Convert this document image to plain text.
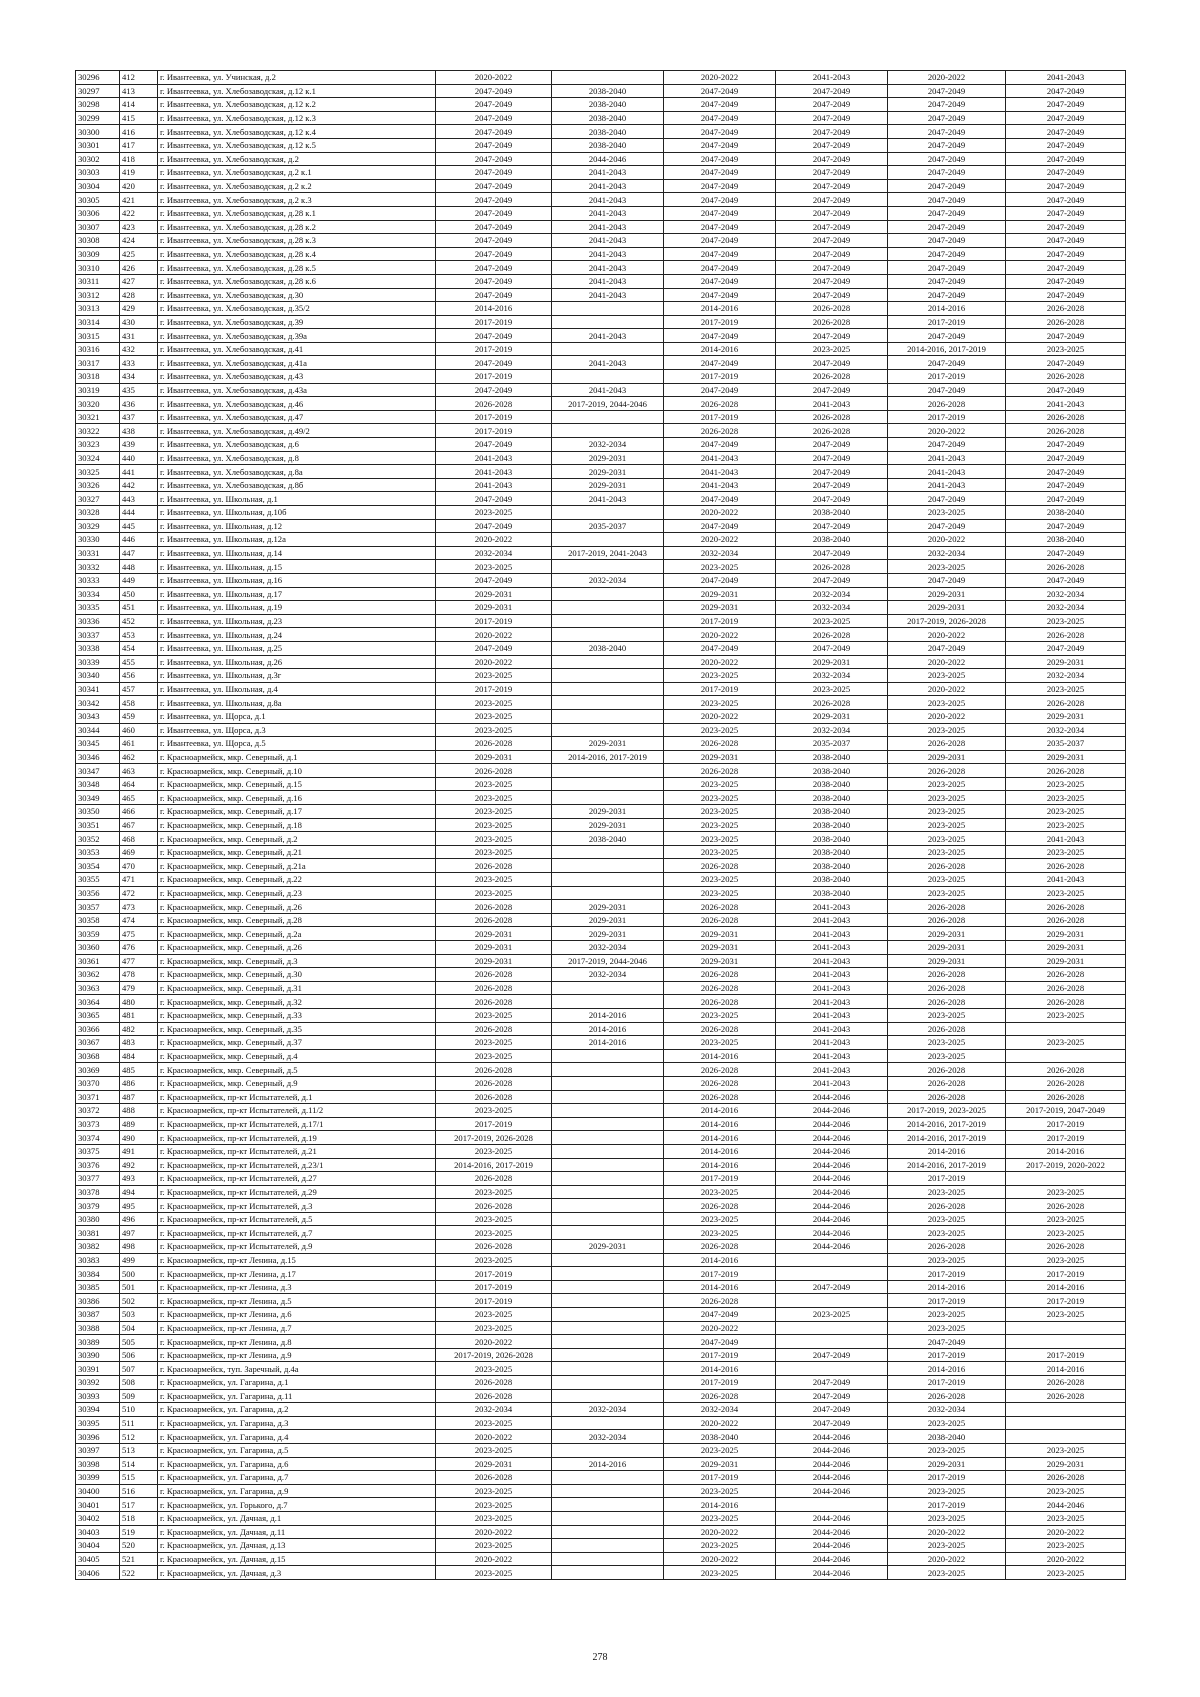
30296	412	г. Ивантеевка, ул. Учинская, д.2	2020-2022		2020-2022	2041-2043	2020-2022	2041-2043
30297	413	г. Ивантеевка, ул. Хлебозаводская, д.12 к.1	2047-2049	2038-2040	2047-2049	2047-2049	2047-2049	2047-2049
30298	414	г. Ивантеевка, ул. Хлебозаводская, д.12 к.2	2047-2049	2038-2040	2047-2049	2047-2049	2047-2049	2047-2049
30299	415	г. Ивантеевка, ул. Хлебозаводская, д.12 к.3	2047-2049	2038-2040	2047-2049	2047-2049	2047-2049	2047-2049
30300	416	г. Ивантеевка, ул. Хлебозаводская, д.12 к.4	2047-2049	2038-2040	2047-2049	2047-2049	2047-2049	2047-2049
30301	417	г. Ивантеевка, ул. Хлебозаводская, д.12 к.5	2047-2049	2038-2040	2047-2049	2047-2049	2047-2049	2047-2049
30302	418	г. Ивантеевка, ул. Хлебозаводская, д.2	2047-2049	2044-2046	2047-2049	2047-2049	2047-2049	2047-2049
30303	419	г. Ивантеевка, ул. Хлебозаводская, д.2 к.1	2047-2049	2041-2043	2047-2049	2047-2049	2047-2049	2047-2049
30304	420	г. Ивантеевка, ул. Хлебозаводская, д.2 к.2	2047-2049	2041-2043	2047-2049	2047-2049	2047-2049	2047-2049
30305	421	г. Ивантеевка, ул. Хлебозаводская, д.2 к.3	2047-2049	2041-2043	2047-2049	2047-2049	2047-2049	2047-2049
30306	422	г. Ивантеевка, ул. Хлебозаводская, д.28 к.1	2047-2049	2041-2043	2047-2049	2047-2049	2047-2049	2047-2049
30307	423	г. Ивантеевка, ул. Хлебозаводская, д.28 к.2	2047-2049	2041-2043	2047-2049	2047-2049	2047-2049	2047-2049
30308	424	г. Ивантеевка, ул. Хлебозаводская, д.28 к.3	2047-2049	2041-2043	2047-2049	2047-2049	2047-2049	2047-2049
30309	425	г. Ивантеевка, ул. Хлебозаводская, д.28 к.4	2047-2049	2041-2043	2047-2049	2047-2049	2047-2049	2047-2049
30310	426	г. Ивантеевка, ул. Хлебозаводская, д.28 к.5	2047-2049	2041-2043	2047-2049	2047-2049	2047-2049	2047-2049
30311	427	г. Ивантеевка, ул. Хлебозаводская, д.28 к.6	2047-2049	2041-2043	2047-2049	2047-2049	2047-2049	2047-2049
30312	428	г. Ивантеевка, ул. Хлебозаводская, д.30	2047-2049	2041-2043	2047-2049	2047-2049	2047-2049	2047-2049
30313	429	г. Ивантеевка, ул. Хлебозаводская, д.35/2	2014-2016		2014-2016	2026-2028	2014-2016	2026-2028
30314	430	г. Ивантеевка, ул. Хлебозаводская, д.39	2017-2019		2017-2019	2026-2028	2017-2019	2026-2028
30315	431	г. Ивантеевка, ул. Хлебозаводская, д.39а	2047-2049	2041-2043	2047-2049	2047-2049	2047-2049	2047-2049
30316	432	г. Ивантеевка, ул. Хлебозаводская, д.41	2017-2019		2014-2016	2023-2025	2014-2016, 2017-2019	2023-2025
30317	433	г. Ивантеевка, ул. Хлебозаводская, д.41а	2047-2049	2041-2043	2047-2049	2047-2049	2047-2049	2047-2049
30318	434	г. Ивантеевка, ул. Хлебозаводская, д.43	2017-2019		2017-2019	2026-2028	2017-2019	2026-2028
30319	435	г. Ивантеевка, ул. Хлебозаводская, д.43а	2047-2049	2041-2043	2047-2049	2047-2049	2047-2049	2047-2049
30320	436	г. Ивантеевка, ул. Хлебозаводская, д.46	2026-2028	2017-2019, 2044-2046	2026-2028	2041-2043	2026-2028	2041-2043
30321	437	г. Ивантеевка, ул. Хлебозаводская, д.47	2017-2019		2017-2019	2026-2028	2017-2019	2026-2028
30322	438	г. Ивантеевка, ул. Хлебозаводская, д.49/2	2017-2019		2026-2028	2026-2028	2020-2022	2026-2028
30323	439	г. Ивантеевка, ул. Хлебозаводская, д.6	2047-2049	2032-2034	2047-2049	2047-2049	2047-2049	2047-2049
30324	440	г. Ивантеевка, ул. Хлебозаводская, д.8	2041-2043	2029-2031	2041-2043	2047-2049	2041-2043	2047-2049
30325	441	г. Ивантеевка, ул. Хлебозаводская, д.8а	2041-2043	2029-2031	2041-2043	2047-2049	2041-2043	2047-2049
30326	442	г. Ивантеевка, ул. Хлебозаводская, д.8б	2041-2043	2029-2031	2041-2043	2047-2049	2041-2043	2047-2049
30327	443	г. Ивантеевка, ул. Школьная, д.1	2047-2049	2041-2043	2047-2049	2047-2049	2047-2049	2047-2049
30328	444	г. Ивантеевка, ул. Школьная, д.10б	2023-2025		2020-2022	2038-2040	2023-2025	2038-2040
30329	445	г. Ивантеевка, ул. Школьная, д.12	2047-2049	2035-2037	2047-2049	2047-2049	2047-2049	2047-2049
30330	446	г. Ивантеевка, ул. Школьная, д.12а	2020-2022		2020-2022	2038-2040	2020-2022	2038-2040
30331	447	г. Ивантеевка, ул. Школьная, д.14	2032-2034	2017-2019, 2041-2043	2032-2034	2047-2049	2032-2034	2047-2049
30332	448	г. Ивантеевка, ул. Школьная, д.15	2023-2025		2023-2025	2026-2028	2023-2025	2026-2028
30333	449	г. Ивантеевка, ул. Школьная, д.16	2047-2049	2032-2034	2047-2049	2047-2049	2047-2049	2047-2049
30334	450	г. Ивантеевка, ул. Школьная, д.17	2029-2031		2029-2031	2032-2034	2029-2031	2032-2034
30335	451	г. Ивантеевка, ул. Школьная, д.19	2029-2031		2029-2031	2032-2034	2029-2031	2032-2034
30336	452	г. Ивантеевка, ул. Школьная, д.23	2017-2019		2017-2019	2023-2025	2017-2019, 2026-2028	2023-2025
30337	453	г. Ивантеевка, ул. Школьная, д.24	2020-2022		2020-2022	2026-2028	2020-2022	2026-2028
30338	454	г. Ивантеевка, ул. Школьная, д.25	2047-2049	2038-2040	2047-2049	2047-2049	2047-2049	2047-2049
30339	455	г. Ивантеевка, ул. Школьная, д.26	2020-2022		2020-2022	2029-2031	2020-2022	2029-2031
30340	456	г. Ивантеевка, ул. Школьная, д.3г	2023-2025		2023-2025	2032-2034	2023-2025	2032-2034
30341	457	г. Ивантеевка, ул. Школьная, д.4	2017-2019		2017-2019	2023-2025	2020-2022	2023-2025
30342	458	г. Ивантеевка, ул. Школьная, д.8а	2023-2025		2023-2025	2026-2028	2023-2025	2026-2028
30343	459	г. Ивантеевка, ул. Щорса, д.1	2023-2025		2020-2022	2029-2031	2020-2022	2029-2031
30344	460	г. Ивантеевка, ул. Щорса, д.3	2023-2025		2023-2025	2032-2034	2023-2025	2032-2034
30345	461	г. Ивантеевка, ул. Щорса, д.5	2026-2028	2029-2031	2026-2028	2035-2037	2026-2028	2035-2037
30346	462	г. Красноармейск, мкр. Северный, д.1	2029-2031	2014-2016, 2017-2019	2029-2031	2038-2040	2029-2031	2029-2031
30347	463	г. Красноармейск, мкр. Северный, д.10	2026-2028		2026-2028	2038-2040	2026-2028	2026-2028
30348	464	г. Красноармейск, мкр. Северный, д.15	2023-2025		2023-2025	2038-2040	2023-2025	2023-2025
30349	465	г. Красноармейск, мкр. Северный, д.16	2023-2025		2023-2025	2038-2040	2023-2025	2023-2025
30350	466	г. Красноармейск, мкр. Северный, д.17	2023-2025	2029-2031	2023-2025	2038-2040	2023-2025	2023-2025
30351	467	г. Красноармейск, мкр. Северный, д.18	2023-2025	2029-2031	2023-2025	2038-2040	2023-2025	2023-2025
30352	468	г. Красноармейск, мкр. Северный, д.2	2023-2025	2038-2040	2023-2025	2038-2040	2023-2025	2041-2043
30353	469	г. Красноармейск, мкр. Северный, д.21	2023-2025		2023-2025	2038-2040	2023-2025	2023-2025
30354	470	г. Красноармейск, мкр. Северный, д.21а	2026-2028		2026-2028	2038-2040	2026-2028	2026-2028
30355	471	г. Красноармейск, мкр. Северный, д.22	2023-2025		2023-2025	2038-2040	2023-2025	2041-2043
30356	472	г. Красноармейск, мкр. Северный, д.23	2023-2025		2023-2025	2038-2040	2023-2025	2023-2025
30357	473	г. Красноармейск, мкр. Северный, д.26	2026-2028	2029-2031	2026-2028	2041-2043	2026-2028	2026-2028
30358	474	г. Красноармейск, мкр. Северный, д.28	2026-2028	2029-2031	2026-2028	2041-2043	2026-2028	2026-2028
30359	475	г. Красноармейск, мкр. Северный, д.2а	2029-2031	2029-2031	2029-2031	2041-2043	2029-2031	2029-2031
30360	476	г. Красноармейск, мкр. Северный, д.26	2029-2031	2032-2034	2029-2031	2041-2043	2029-2031	2029-2031
30361	477	г. Красноармейск, мкр. Северный, д.3	2029-2031	2017-2019, 2044-2046	2029-2031	2041-2043	2029-2031	2029-2031
30362	478	г. Красноармейск, мкр. Северный, д.30	2026-2028	2032-2034	2026-2028	2041-2043	2026-2028	2026-2028
30363	479	г. Красноармейск, мкр. Северный, д.31	2026-2028		2026-2028	2041-2043	2026-2028	2026-2028
30364	480	г. Красноармейск, мкр. Северный, д.32	2026-2028		2026-2028	2041-2043	2026-2028	2026-2028
30365	481	г. Красноармейск, мкр. Северный, д.33	2023-2025	2014-2016	2023-2025	2041-2043	2023-2025	2023-2025
30366	482	г. Красноармейск, мкр. Северный, д.35	2026-2028	2014-2016	2026-2028	2041-2043	2026-2028	
30367	483	г. Красноармейск, мкр. Северный, д.37	2023-2025	2014-2016	2023-2025	2041-2043	2023-2025	2023-2025
30368	484	г. Красноармейск, мкр. Северный, д.4	2023-2025		2014-2016	2041-2043	2023-2025	
30369	485	г. Красноармейск, мкр. Северный, д.5	2026-2028		2026-2028	2041-2043	2026-2028	2026-2028
30370	486	г. Красноармейск, мкр. Северный, д.9	2026-2028		2026-2028	2041-2043	2026-2028	2026-2028
30371	487	г. Красноармейск, пр-кт Испытателей, д.1	2026-2028		2026-2028	2044-2046	2026-2028	2026-2028
30372	488	г. Красноармейск, пр-кт Испытателей, д.11/2	2023-2025		2014-2016	2044-2046	2017-2019, 2023-2025	2017-2019, 2047-2049
30373	489	г. Красноармейск, пр-кт Испытателей, д.17/1	2017-2019		2014-2016	2044-2046	2014-2016, 2017-2019	2017-2019
30374	490	г. Красноармейск, пр-кт Испытателей, д.19	2017-2019, 2026-2028		2014-2016	2044-2046	2014-2016, 2017-2019	2017-2019
30375	491	г. Красноармейск, пр-кт Испытателей, д.21	2023-2025		2014-2016	2044-2046	2014-2016	2014-2016
30376	492	г. Красноармейск, пр-кт Испытателей, д.23/1	2014-2016, 2017-2019		2014-2016	2044-2046	2014-2016, 2017-2019	2017-2019, 2020-2022
30377	493	г. Красноармейск, пр-кт Испытателей, д.27	2026-2028		2017-2019	2044-2046	2017-2019	
30378	494	г. Красноармейск, пр-кт Испытателей, д.29	2023-2025		2023-2025	2044-2046	2023-2025	2023-2025
30379	495	г. Красноармейск, пр-кт Испытателей, д.3	2026-2028		2026-2028	2044-2046	2026-2028	2026-2028
30380	496	г. Красноармейск, пр-кт Испытателей, д.5	2023-2025		2023-2025	2044-2046	2023-2025	2023-2025
30381	497	г. Красноармейск, пр-кт Испытателей, д.7	2023-2025		2023-2025	2044-2046	2023-2025	2023-2025
30382	498	г. Красноармейск, пр-кт Испытателей, д.9	2026-2028	2029-2031	2026-2028	2044-2046	2026-2028	2026-2028
30383	499	г. Красноармейск, пр-кт Ленина, д.15	2023-2025		2014-2016		2023-2025	2023-2025
30384	500	г. Красноармейск, пр-кт Ленина, д.17	2017-2019		2017-2019		2017-2019	2017-2019
30385	501	г. Красноармейск, пр-кт Ленина, д.3	2017-2019		2014-2016	2047-2049	2014-2016	2014-2016
30386	502	г. Красноармейск, пр-кт Ленина, д.5	2017-2019		2026-2028		2017-2019	2017-2019
30387	503	г. Красноармейск, пр-кт Ленина, д.6	2023-2025		2047-2049	2023-2025	2023-2025	2023-2025
30388	504	г. Красноармейск, пр-кт Ленина, д.7	2023-2025		2020-2022		2023-2025	
30389	505	г. Красноармейск, пр-кт Ленина, д.8	2020-2022		2047-2049		2047-2049	
30390	506	г. Красноармейск, пр-кт Ленина, д.9	2017-2019, 2026-2028		2017-2019	2047-2049	2017-2019	2017-2019
30391	507	г. Красноармейск, туп. Заречный, д.4а	2023-2025		2014-2016		2014-2016	2014-2016
30392	508	г. Красноармейск, ул. Гагарина, д.1	2026-2028		2017-2019	2047-2049	2017-2019	2026-2028
30393	509	г. Красноармейск, ул. Гагарина, д.11	2026-2028		2026-2028	2047-2049	2026-2028	2026-2028
30394	510	г. Красноармейск, ул. Гагарина, д.2	2032-2034	2032-2034	2032-2034	2047-2049	2032-2034	
30395	511	г. Красноармейск, ул. Гагарина, д.3	2023-2025		2020-2022	2047-2049	2023-2025	
30396	512	г. Красноармейск, ул. Гагарина, д.4	2020-2022	2032-2034	2038-2040	2044-2046	2038-2040	
30397	513	г. Красноармейск, ул. Гагарина, д.5	2023-2025		2023-2025	2044-2046	2023-2025	2023-2025
30398	514	г. Красноармейск, ул. Гагарина, д.6	2029-2031	2014-2016	2029-2031	2044-2046	2029-2031	2029-2031
30399	515	г. Красноармейск, ул. Гагарина, д.7	2026-2028		2017-2019	2044-2046	2017-2019	2026-2028
30400	516	г. Красноармейск, ул. Гагарина, д.9	2023-2025		2023-2025	2044-2046	2023-2025	2023-2025
30401	517	г. Красноармейск, ул. Горького, д.7	2023-2025		2014-2016		2017-2019	2044-2046
30402	518	г. Красноармейск, ул. Дачная, д.1	2023-2025		2023-2025	2044-2046	2023-2025	2023-2025
30403	519	г. Красноармейск, ул. Дачная, д.11	2020-2022		2020-2022	2044-2046	2020-2022	2020-2022
30404	520	г. Красноармейск, ул. Дачная, д.13	2023-2025		2023-2025	2044-2046	2023-2025	2023-2025
30405	521	г. Красноармейск, ул. Дачная, д.15	2020-2022		2020-2022	2044-2046	2020-2022	2020-2022
30406	522	г. Красноармейск, ул. Дачная, д.3	2023-2025		2023-2025	2044-2046	2023-2025	2023-2025
278
